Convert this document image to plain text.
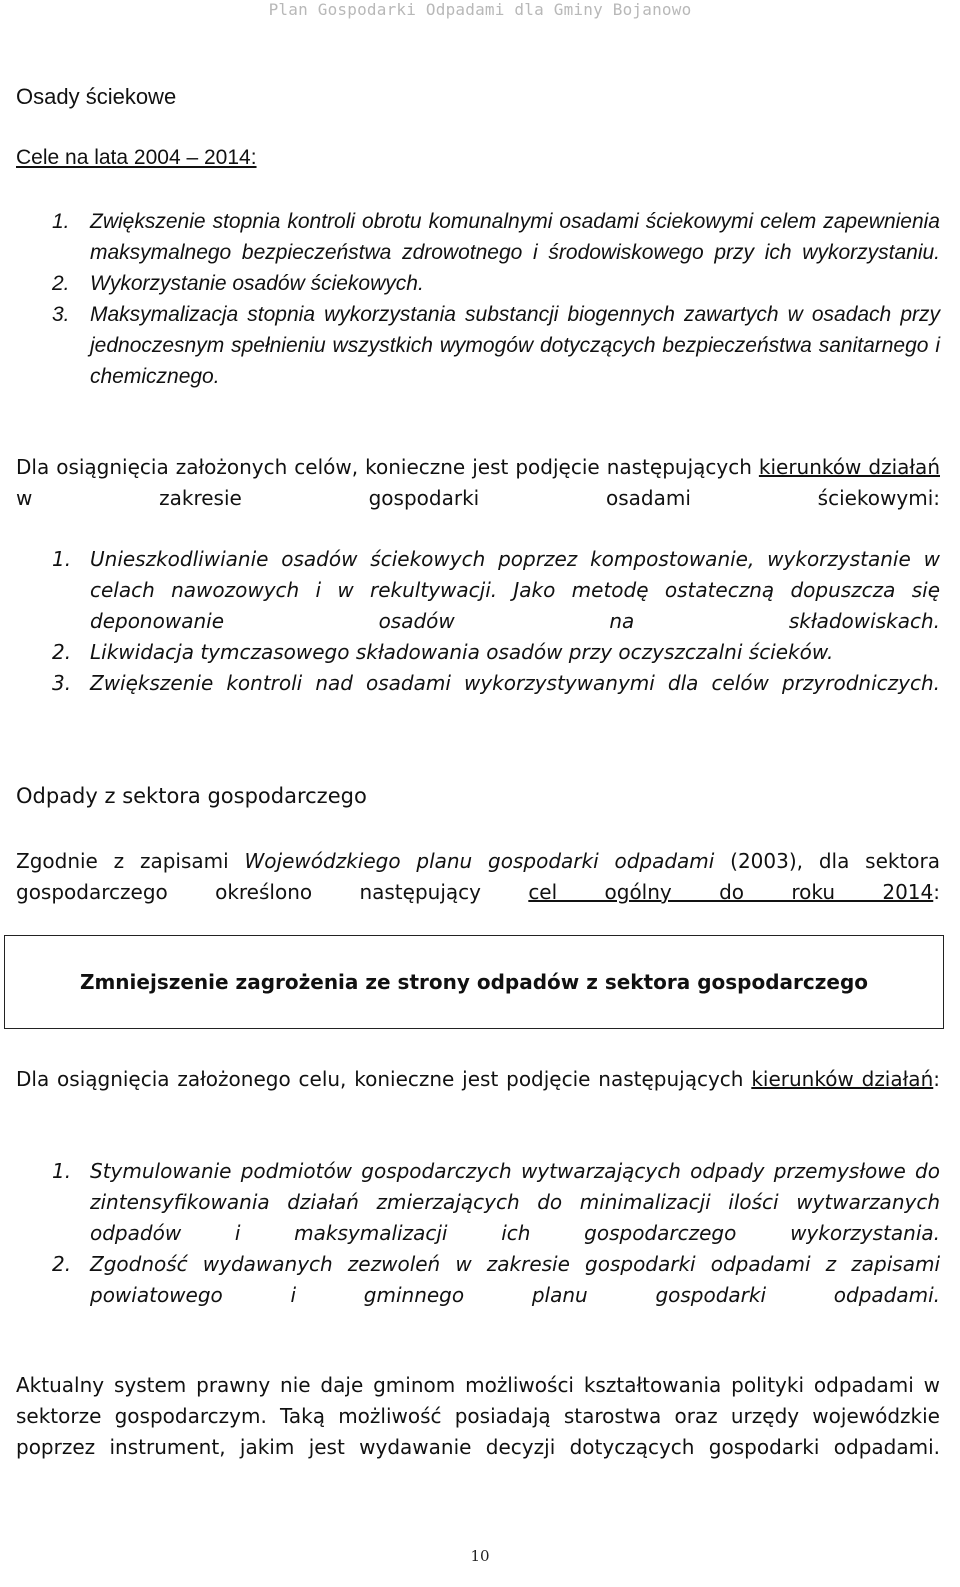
Plan Gospodarki Odpadami dla Gminy Bojanowo
Osady ściekowe
Cele na lata 2004 – 2014:
1. Zwiększenie stopnia kontroli obrotu komunalnymi osadami ściekowymi celem zapewnienia maksymalnego bezpieczeństwa zdrowotnego i środowiskowego przy ich wykorzystaniu.
2. Wykorzystanie osadów ściekowych.
3. Maksymalizacja stopnia wykorzystania substancji biogennych zawartych w osadach przy jednoczesnym spełnieniu wszystkich wymogów dotyczących bezpieczeństwa sanitarnego i chemicznego.
Dla osiągnięcia założonych celów, konieczne jest podjęcie następujących kierunków działań w zakresie gospodarki osadami ściekowymi:
1. Unieszkodliwianie osadów ściekowych poprzez kompostowanie, wykorzystanie w celach nawozowych i w rekultywacji. Jako metodę ostateczną dopuszcza się deponowanie osadów na składowiskach.
2. Likwidacja tymczasowego składowania osadów przy oczyszczalni ścieków.
3. Zwiększenie kontroli nad osadami wykorzystywanymi dla celów przyrodniczych.
Odpady z sektora gospodarczego
Zgodnie z zapisami Wojewódzkiego planu gospodarki odpadami (2003), dla sektora gospodarczego określono następujący cel ogólny do roku 2014:
Zmniejszenie zagrożenia ze strony odpadów z sektora gospodarczego
Dla osiągnięcia założonego celu, konieczne jest podjęcie następujących kierunków działań:
1. Stymulowanie podmiotów gospodarczych wytwarzających odpady przemysłowe do zintensyfikowania działań zmierzających do minimalizacji ilości wytwarzanych odpadów i maksymalizacji ich gospodarczego wykorzystania.
2. Zgodność wydawanych zezwoleń w zakresie gospodarki odpadami z zapisami powiatowego i gminnego planu gospodarki odpadami.
Aktualny system prawny nie daje gminom możliwości kształtowania polityki odpadami w sektorze gospodarczym. Taką możliwość posiadają starostwa oraz urzędy wojewódzkie poprzez instrument, jakim jest wydawanie decyzji dotyczących gospodarki odpadami.
10
